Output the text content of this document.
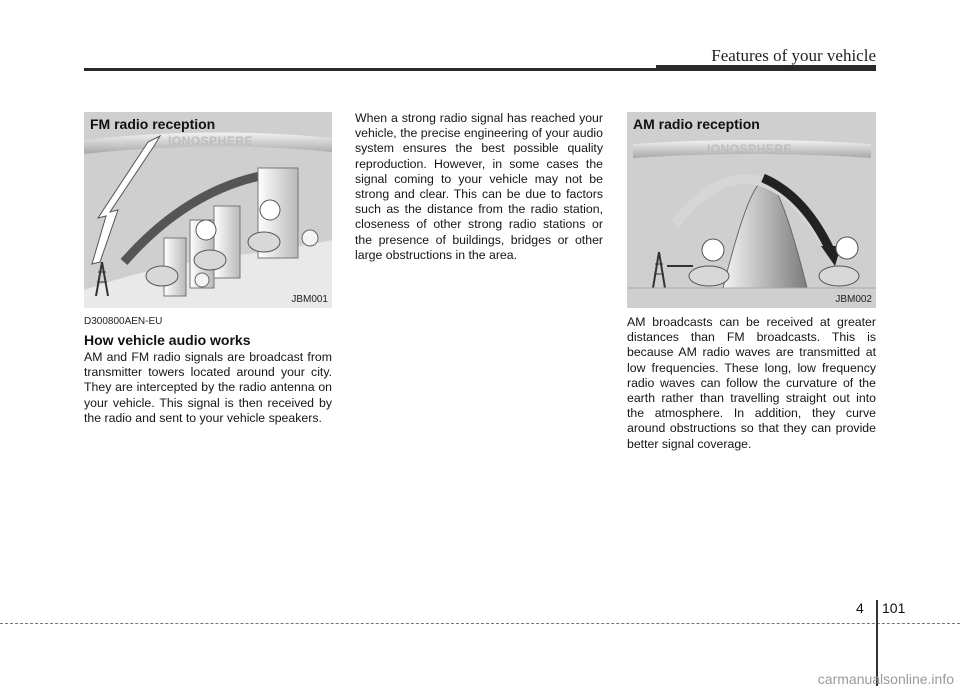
Features of your vehicle
FM radio reception
IONOSPHERE
JBM001
AM radio reception
IONOSPHERE
JBM002
D300800AEN-EU
How vehicle audio works
AM and FM radio signals are broadcast from transmitter towers located around your city. They are intercepted by the radio antenna on your vehicle. This signal is then received by the radio and sent to your vehicle speakers.
When a strong radio signal has reached your vehicle, the precise engineering of your audio system ensures the best possible quality reproduction. However, in some cases the signal coming to your vehicle may not be strong and clear. This can be due to factors such as the distance from the radio station, closeness of other strong radio stations or the presence of buildings, bridges or other large obstructions in the area.
AM broadcasts can be received at greater distances than FM broadcasts. This is because AM radio waves are transmitted at low frequencies. These long, low frequency radio waves can follow the curvature of the earth rather than travelling straight out into the atmosphere. In addition, they curve around obstructions so that they can provide better signal coverage.
4 101
carmanualsonline.info
